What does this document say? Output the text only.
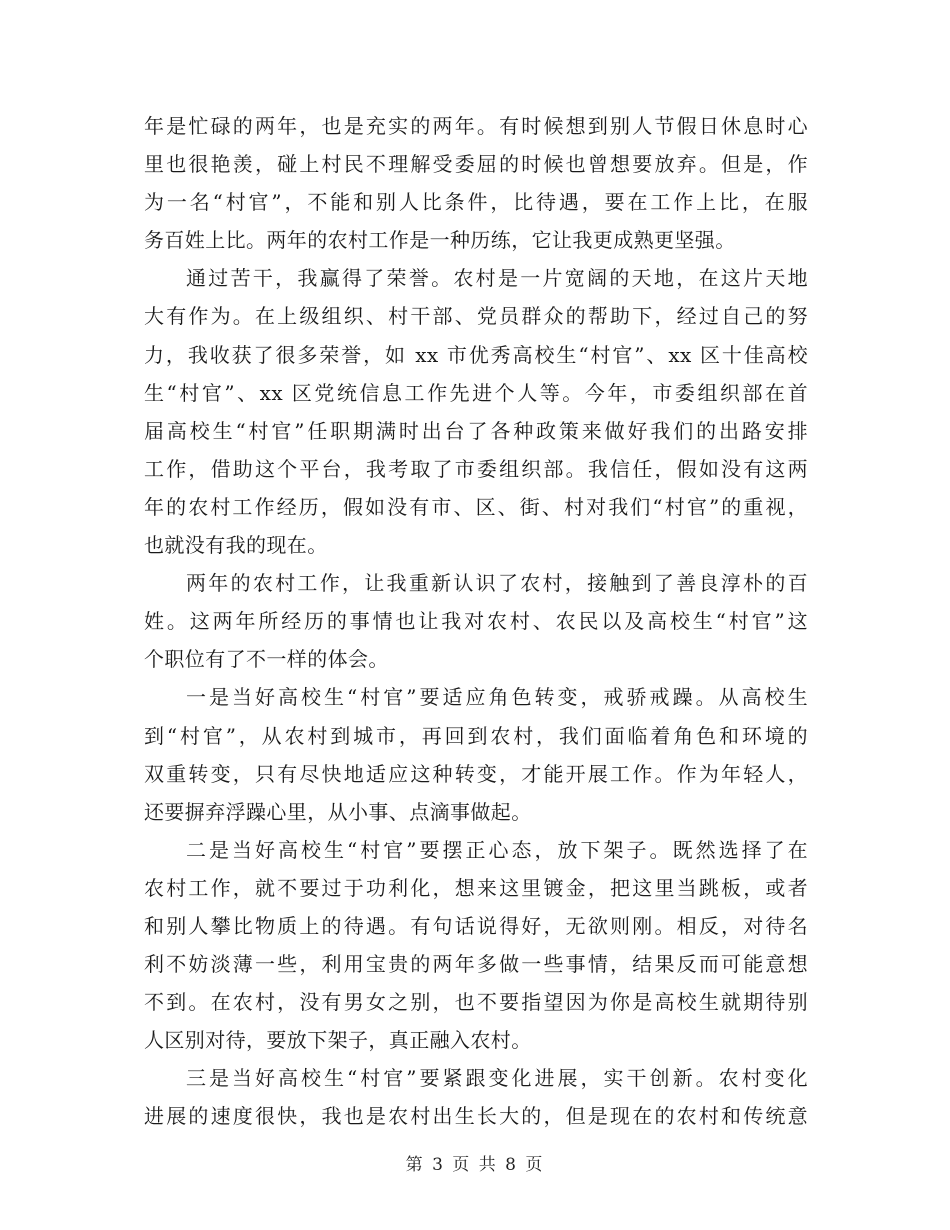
年是忙碌的两年，也是充实的两年。有时候想到别人节假日休息时心
里也很艳羡，碰上村民不理解受委屈的时候也曾想要放弃。但是，作
为一名“村官”，不能和别人比条件，比待遇，要在工作上比，在服
务百姓上比。两年的农村工作是一种历练，它让我更成熟更坚强。
通过苦干，我赢得了荣誉。农村是一片宽阔的天地，在这片天地
大有作为。在上级组织、村干部、党员群众的帮助下，经过自己的努
力，我收获了很多荣誉，如 xx 市优秀高校生“村官”、xx 区十佳高校
生“村官”、xx 区党统信息工作先进个人等。今年，市委组织部在首
届高校生“村官”任职期满时出台了各种政策来做好我们的出路安排
工作，借助这个平台，我考取了市委组织部。我信任，假如没有这两
年的农村工作经历，假如没有市、区、街、村对我们“村官”的重视，
也就没有我的现在。
两年的农村工作，让我重新认识了农村，接触到了善良淳朴的百
姓。这两年所经历的事情也让我对农村、农民以及高校生“村官”这
个职位有了不一样的体会。
一是当好高校生“村官”要适应角色转变，戒骄戒躁。从高校生
到“村官”，从农村到城市，再回到农村，我们面临着角色和环境的
双重转变，只有尽快地适应这种转变，才能开展工作。作为年轻人，
还要摒弃浮躁心里，从小事、点滴事做起。
二是当好高校生“村官”要摆正心态，放下架子。既然选择了在
农村工作，就不要过于功利化，想来这里镀金，把这里当跳板，或者
和别人攀比物质上的待遇。有句话说得好，无欲则刚。相反，对待名
利不妨淡薄一些，利用宝贵的两年多做一些事情，结果反而可能意想
不到。在农村，没有男女之别，也不要指望因为你是高校生就期待别
人区别对待，要放下架子，真正融入农村。
三是当好高校生“村官”要紧跟变化进展，实干创新。农村变化
进展的速度很快，我也是农村出生长大的，但是现在的农村和传统意
第 3 页 共 8 页
